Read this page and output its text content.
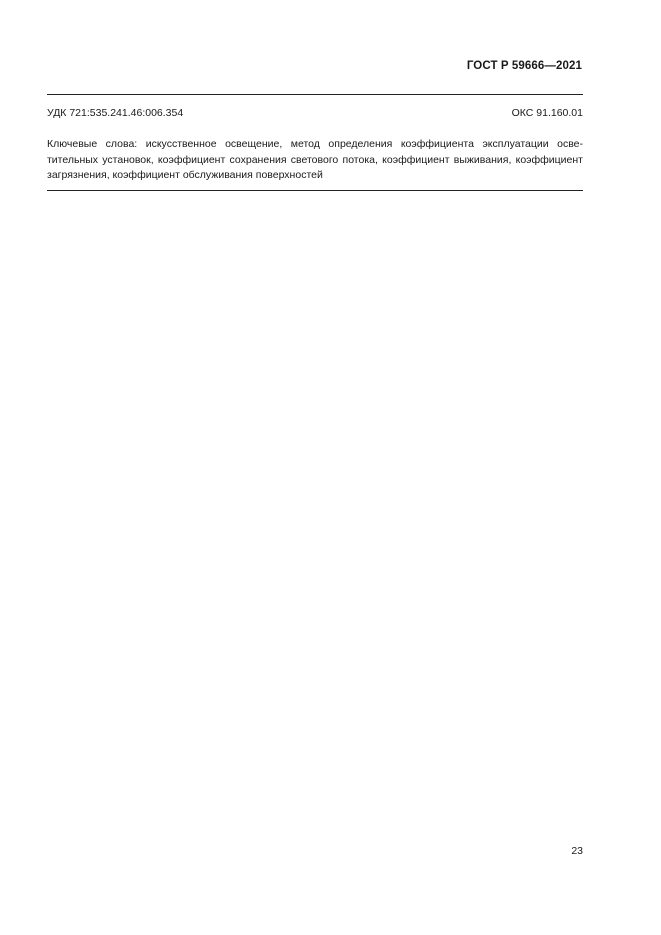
ГОСТ Р 59666—2021
УДК 721:535.241.46:006.354	ОКС 91.160.01
Ключевые слова: искусственное освещение, метод определения коэффициента эксплуатации осветительных установок, коэффициент сохранения светового потока, коэффициент выживания, коэффициент загрязнения, коэффициент обслуживания поверхностей
23
